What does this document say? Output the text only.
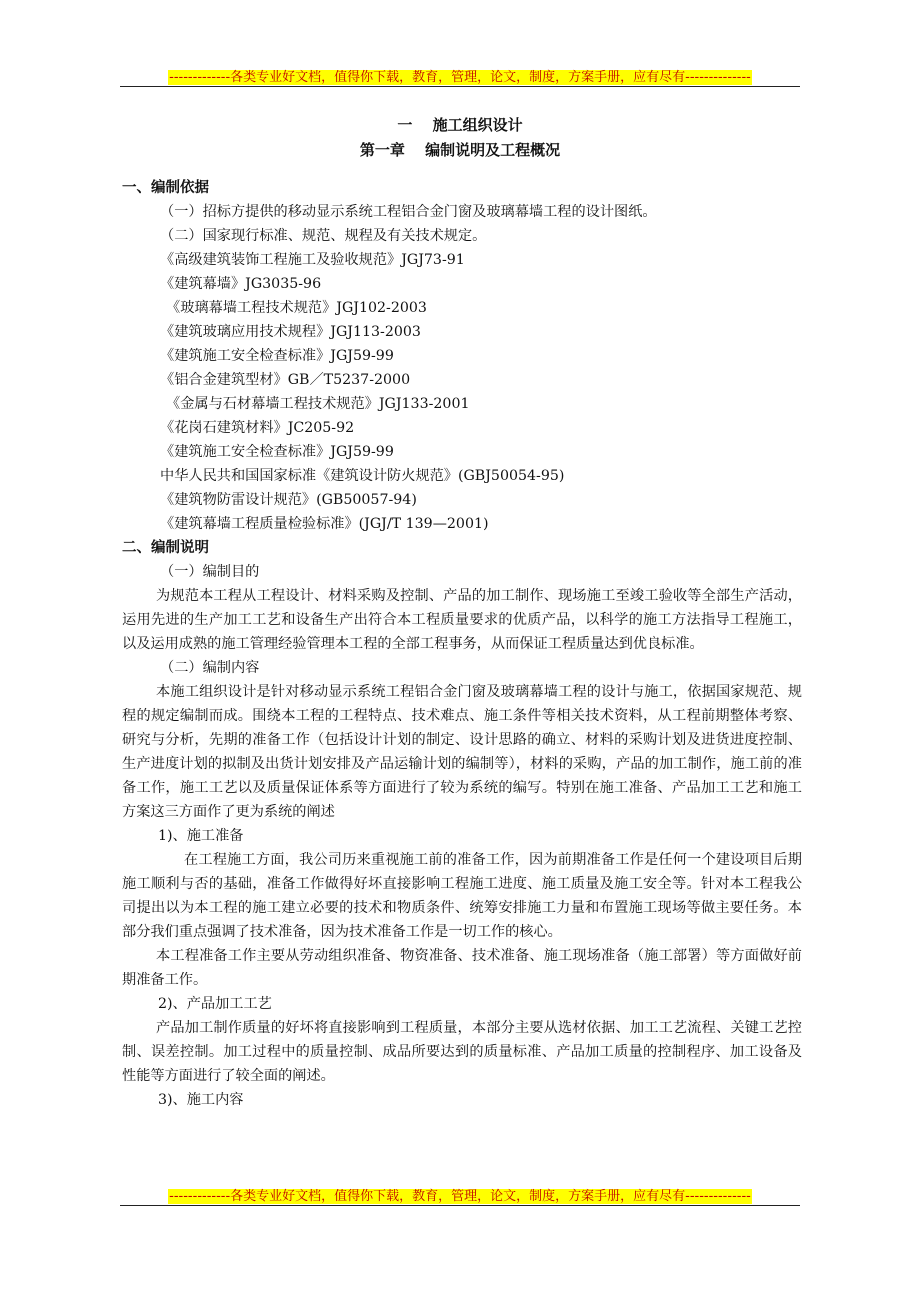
-------------各类专业好文档，值得你下载，教育，管理，论文，制度，方案手册，应有尽有--------------
一　 施工组织设计
第一章　 编制说明及工程概况
一、编制依据
（一）招标方提供的移动显示系统工程铝合金门窗及玻璃幕墙工程的设计图纸。
（二）国家现行标准、规范、规程及有关技术规定。
《高级建筑装饰工程施工及验收规范》JGJ73-91
《建筑幕墙》JG3035-96
《玻璃幕墙工程技术规范》JGJ102-2003
《建筑玻璃应用技术规程》JGJ113-2003
《建筑施工安全检查标准》JGJ59-99
《铝合金建筑型材》GB／T5237-2000
《金属与石材幕墙工程技术规范》JGJ133-2001
《花岗石建筑材料》JC205-92
《建筑施工安全检查标准》JGJ59-99
中华人民共和国国家标准《建筑设计防火规范》(GBJ50054-95)
《建筑物防雷设计规范》(GB50057-94)
《建筑幕墙工程质量检验标准》(JGJ/T 139—2001)
二、编制说明
（一）编制目的
为规范本工程从工程设计、材料采购及控制、产品的加工制作、现场施工至竣工验收等全部生产活动，运用先进的生产加工工艺和设备生产出符合本工程质量要求的优质产品，以科学的施工方法指导工程施工，以及运用成熟的施工管理经验管理本工程的全部工程事务，从而保证工程质量达到优良标准。
（二）编制内容
本施工组织设计是针对移动显示系统工程铝合金门窗及玻璃幕墙工程的设计与施工，依据国家规范、规程的规定编制而成。围绕本工程的工程特点、技术难点、施工条件等相关技术资料，从工程前期整体考察、研究与分析，先期的准备工作（包括设计计划的制定、设计思路的确立、材料的采购计划及进货进度控制、生产进度计划的拟制及出货计划安排及产品运输计划的编制等），材料的采购，产品的加工制作，施工前的准备工作，施工工艺以及质量保证体系等方面进行了较为系统的编写。特别在施工准备、产品加工工艺和施工方案这三方面作了更为系统的阐述
1)、施工准备
在工程施工方面，我公司历来重视施工前的准备工作，因为前期准备工作是任何一个建设项目后期施工顺利与否的基础，准备工作做得好坏直接影响工程施工进度、施工质量及施工安全等。针对本工程我公司提出以为本工程的施工建立必要的技术和物质条件、统筹安排施工力量和布置施工现场等做主要任务。本部分我们重点强调了技术准备，因为技术准备工作是一切工作的核心。
本工程准备工作主要从劳动组织准备、物资准备、技术准备、施工现场准备（施工部署）等方面做好前期准备工作。
2)、产品加工工艺
产品加工制作质量的好坏将直接影响到工程质量，本部分主要从选材依据、加工工艺流程、关键工艺控制、误差控制。加工过程中的质量控制、成品所要达到的质量标准、产品加工质量的控制程序、加工设备及性能等方面进行了较全面的阐述。
3)、施工内容
-------------各类专业好文档，值得你下载，教育，管理，论文，制度，方案手册，应有尽有--------------
